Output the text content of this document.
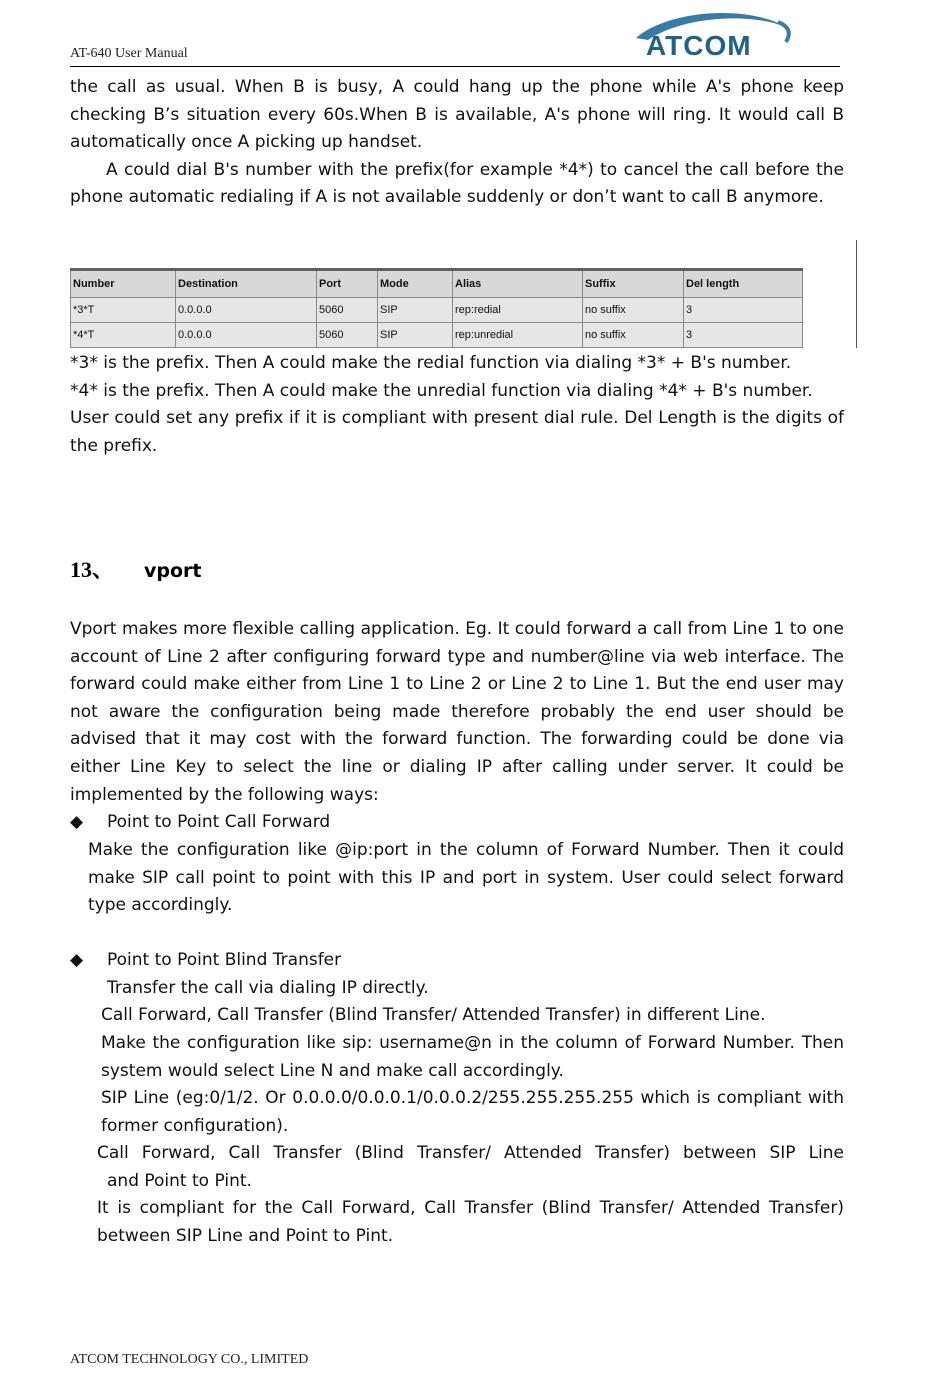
AT-640 User Manual	ATCOM

the call as usual. When B is busy, A could hang up the phone while A's phone keep checking B’s situation every 60s.When B is available, A's phone will ring. It would call B automatically once A picking up handset.

A could dial B's number with the prefix(for example *4*) to cancel the call before the phone automatic redialing if A is not available suddenly or don’t want to call B anymore.

Number	Destination	Port	Mode	Alias	Suffix	Del length
*3*T	0.0.0.0	5060	SIP	rep:redial	no suffix	3
*4*T	0.0.0.0	5060	SIP	rep:unredial	no suffix	3

*3* is the prefix. Then A could make the redial function via dialing *3* + B's number.

*4* is the prefix. Then A could make the unredial function via dialing *4* + B's number.

User could set any prefix if it is compliant with present dial rule. Del Length is the digits of the prefix.

13、 vport

Vport makes more flexible calling application. Eg. It could forward a call from Line 1 to one account of Line 2 after configuring forward type and number@line via web interface. The forward could make either from Line 1 to Line 2 or Line 2 to Line 1. But the end user may not aware the configuration being made therefore probably the end user should be advised that it may cost with the forward function. The forwarding could be done via either Line Key to select the line or dialing IP after calling under server. It could be implemented by the following ways:

◆ Point to Point Call Forward

Make the configuration like @ip:port in the column of Forward Number. Then it could make SIP call point to point with this IP and port in system. User could select forward type accordingly.

◆ Point to Point Blind Transfer

Transfer the call via dialing IP directly.

Call Forward, Call Transfer (Blind Transfer/ Attended Transfer) in different Line.

Make the configuration like sip: username@n in the column of Forward Number. Then system would select Line N and make call accordingly.

SIP Line (eg:0/1/2. Or 0.0.0.0/0.0.0.1/0.0.0.2/255.255.255.255 which is compliant with former configuration).

Call Forward, Call Transfer (Blind Transfer/ Attended Transfer) between SIP Line

and Point to Pint.

It is compliant for the Call Forward, Call Transfer (Blind Transfer/ Attended Transfer) between SIP Line and Point to Pint.

ATCOM TECHNOLOGY CO., LIMITED
